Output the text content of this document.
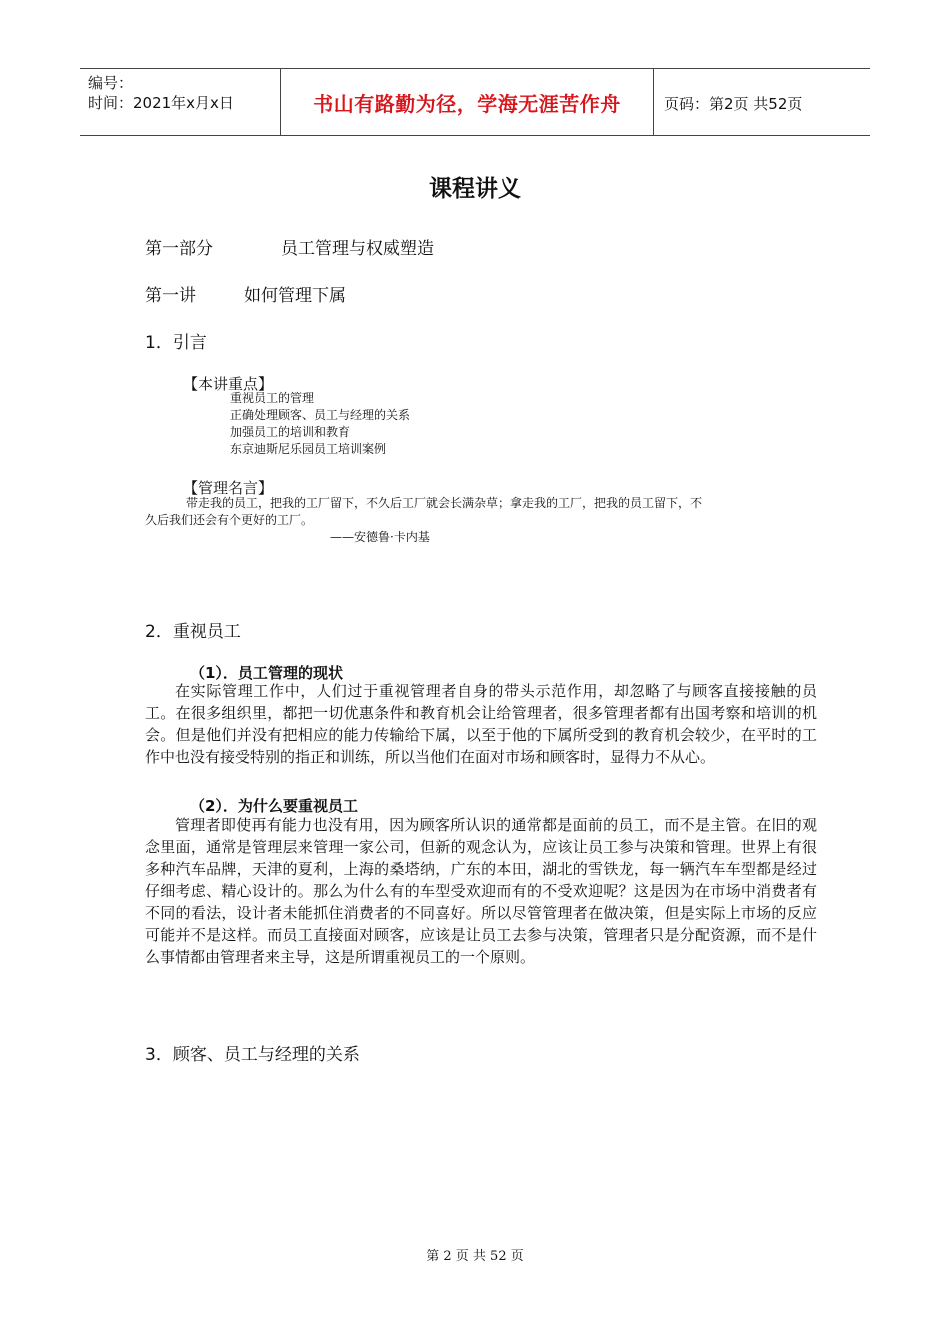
编号：
时间：2021年x月x日	书山有路勤为径，学海无涯苦作舟	页码：第2页 共52页
课程讲义
第一部分	员工管理与权威塑造
第一讲	如何管理下属
1．引言
【本讲重点】
重视员工的管理
正确处理顾客、员工与经理的关系
加强员工的培训和教育
东京迪斯尼乐园员工培训案例
【管理名言】
带走我的员工，把我的工厂留下，不久后工厂就会长满杂草；拿走我的工厂，把我的员工留下，不
久后我们还会有个更好的工厂。
——安德鲁·卡内基
2．重视员工
（1）．员工管理的现状
在实际管理工作中，人们过于重视管理者自身的带头示范作用，却忽略了与顾客直接接触的员工。在很多组织里，都把一切优惠条件和教育机会让给管理者，很多管理者都有出国考察和培训的机会。但是他们并没有把相应的能力传输给下属，以至于他的下属所受到的教育机会较少，在平时的工作中也没有接受特别的指正和训练，所以当他们在面对市场和顾客时，显得力不从心。
（2）．为什么要重视员工
管理者即使再有能力也没有用，因为顾客所认识的通常都是面前的员工，而不是主管。在旧的观念里面，通常是管理层来管理一家公司，但新的观念认为，应该让员工参与决策和管理。世界上有很多种汽车品牌，天津的夏利，上海的桑塔纳，广东的本田，湖北的雪铁龙，每一辆汽车车型都是经过仔细考虑、精心设计的。那么为什么有的车型受欢迎而有的不受欢迎呢？这是因为在市场中消费者有不同的看法，设计者未能抓住消费者的不同喜好。所以尽管管理者在做决策，但是实际上市场的反应可能并不是这样。而员工直接面对顾客，应该是让员工去参与决策，管理者只是分配资源，而不是什么事情都由管理者来主导，这是所谓重视员工的一个原则。
3．顾客、员工与经理的关系
第 2 页 共 52 页
